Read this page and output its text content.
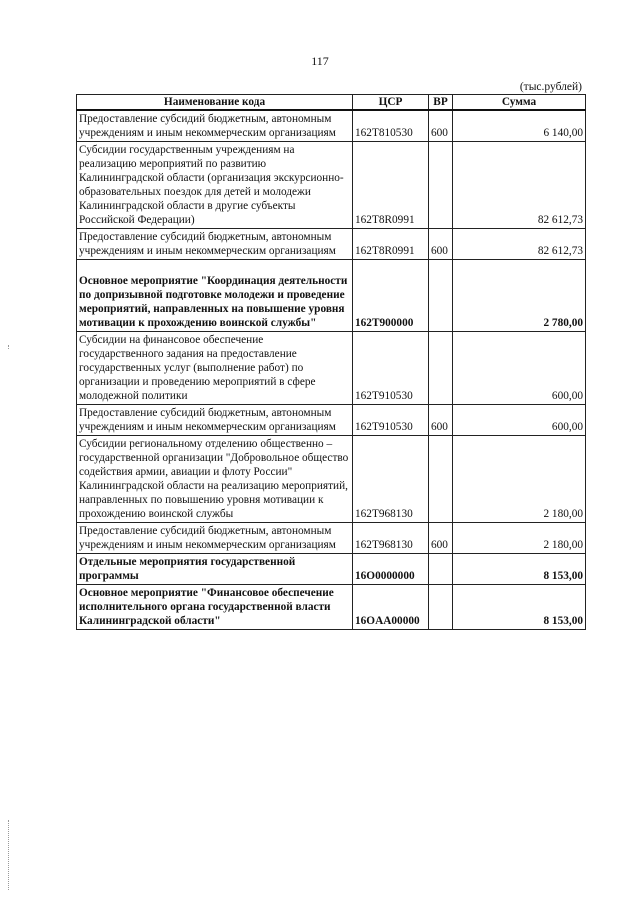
117
(тыс.рублей)
Наименование кода	ЦСР	ВР	Сумма
Предоставление субсидий бюджетным, автономным учреждениям и иным некоммерческим организациям	162T810530	600	6 140,00
Субсидии государственным учреждениям на реализацию мероприятий по развитию Калининградской области (организация экскурсионно-образовательных поездок для детей и молодежи Калининградской области в другие субъекты Российской Федерации)	162T8R0991		82 612,73
Предоставление субсидий бюджетным, автономным учреждениям и иным некоммерческим организациям	162T8R0991	600	82 612,73
Основное мероприятие "Координация деятельности по допризывной подготовке молодежи и проведение мероприятий, направленных на повышение уровня мотивации к прохождению воинской службы"	162T900000		2 780,00
Субсидии на финансовое обеспечение государственного задания на предоставление государственных услуг (выполнение работ) по организации и проведению мероприятий в сфере молодежной политики	162T910530		600,00
Предоставление субсидий бюджетным, автономным учреждениям и иным некоммерческим организациям	162T910530	600	600,00
Субсидии региональному отделению общественно – государственной организации "Добровольное общество содействия армии, авиации и флоту России" Калининградской области на реализацию мероприятий, направленных по повышению уровня мотивации к прохождению воинской службы	162T968130		2 180,00
Предоставление субсидий бюджетным, автономным учреждениям и иным некоммерческим организациям	162T968130	600	2 180,00
Отдельные мероприятия государственной программы	16O0000000		8 153,00
Основное мероприятие "Финансовое обеспечение исполнительного органа государственной власти Калининградской области"	16OAA00000		8 153,00
